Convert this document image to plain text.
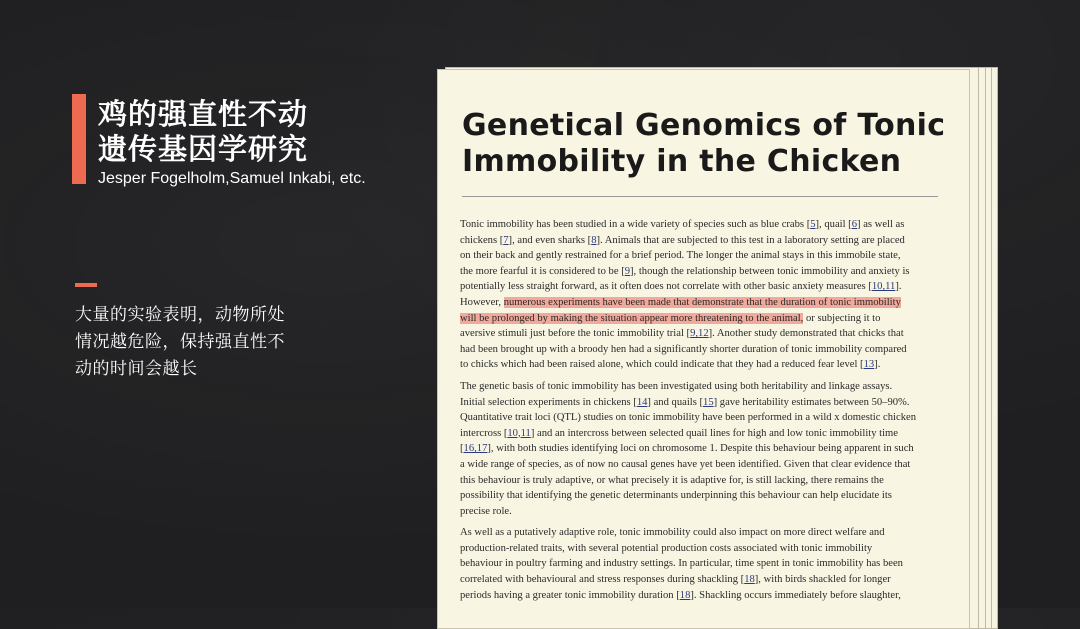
鸡的强直性不动
遗传基因学研究
Jesper Fogelholm,Samuel Inkabi, etc.
大量的实验表明，动物所处
情况越危险，保持强直性不
动的时间会越长
Genetical Genomics of Tonic
Immobility in the Chicken
Tonic immobility has been studied in a wide variety of species such as blue crabs [5], quail [6] as well as
chickens [7], and even sharks [8]. Animals that are subjected to this test in a laboratory setting are placed
on their back and gently restrained for a brief period. The longer the animal stays in this immobile state,
the more fearful it is considered to be [9], though the relationship between tonic immobility and anxiety is
potentially less straight forward, as it often does not correlate with other basic anxiety measures [10,11].
However, numerous experiments have been made that demonstrate that the duration of tonic immobility
will be prolonged by making the situation appear more threatening to the animal, or subjecting it to
aversive stimuli just before the tonic immobility trial [9,12]. Another study demonstrated that chicks that
had been brought up with a broody hen had a significantly shorter duration of tonic immobility compared
to chicks which had been raised alone, which could indicate that they had a reduced fear level [13].
The genetic basis of tonic immobility has been investigated using both heritability and linkage assays.
Initial selection experiments in chickens [14] and quails [15] gave heritability estimates between 50–90%.
Quantitative trait loci (QTL) studies on tonic immobility have been performed in a wild x domestic chicken
intercross [10,11] and an intercross between selected quail lines for high and low tonic immobility time
[16,17], with both studies identifying loci on chromosome 1. Despite this behaviour being apparent in such
a wide range of species, as of now no causal genes have yet been identified. Given that clear evidence that
this behaviour is truly adaptive, or what precisely it is adaptive for, is still lacking, there remains the
possibility that identifying the genetic determinants underpinning this behaviour can help elucidate its
precise role.
As well as a putatively adaptive role, tonic immobility could also impact on more direct welfare and
production-related traits, with several potential production costs associated with tonic immobility
behaviour in poultry farming and industry settings. In particular, time spent in tonic immobility has been
correlated with behavioural and stress responses during shackling [18], with birds shackled for longer
periods having a greater tonic immobility duration [18]. Shackling occurs immediately before slaughter,
